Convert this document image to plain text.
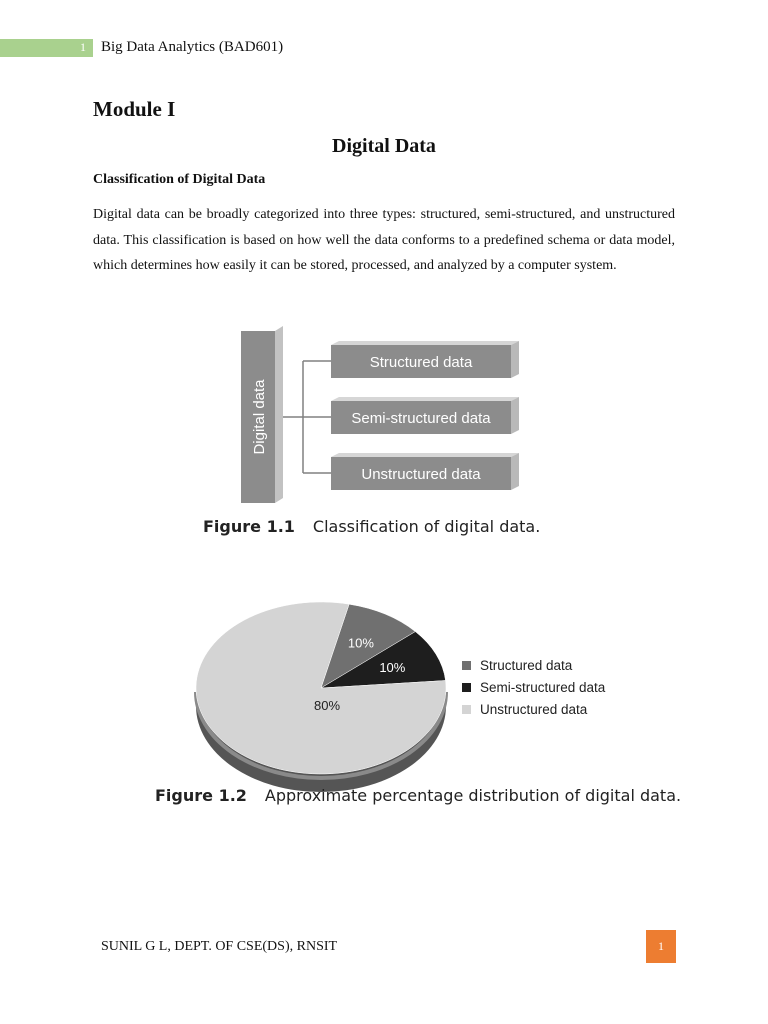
1 Big Data Analytics (BAD601)
Module I
Digital Data
Classification of Digital Data

Digital data can be broadly categorized into three types: structured, semi-structured, and unstructured data. This classification is based on how well the data conforms to a predefined schema or data model, which determines how easily it can be stored, processed, and analyzed by a computer system.

Digital data
Structured data
Semi-structured data
Unstructured data
Figure 1.1 Classification of digital data.
10%
10%
80%
Structured data
Semi-structured data
Unstructured data
Figure 1.2 Approximate percentage distribution of digital data.
SUNIL G L, DEPT. OF CSE(DS), RNSIT	1
